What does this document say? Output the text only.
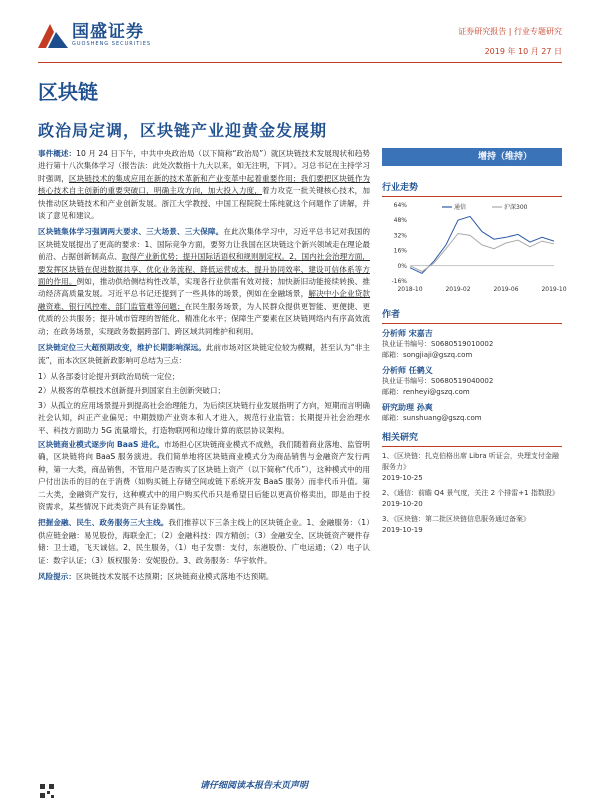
国盛证券
GUOSHENG SECURITIES
证券研究报告 | 行业专题研究
2019 年 10 月 27 日
区块链
政治局定调，区块链产业迎黄金发展期

事件概述：10 月 24 日下午，中共中央政治局（以下简称“政治局”）就区块链技术发展现状和趋势进行第十八次集体学习（报告法：此处次数指十九大以来，如无注明，下同）。习总书记在主持学习时强调，区块链技术的集成应用在新的技术革新和产业变革中起着重要作用；我们要把区块链作为核心技术自主创新的重要突破口，明确主攻方向，加大投入力度，着力攻克一批关键核心技术，加快推动区块链技术和产业创新发展。浙江大学教授、中国工程院院士陈纯就这个问题作了讲解，并谈了意见和建议。

区块链集体学习强调两大要求、三大场景、三大保障。在此次集体学习中，习近平总书记对我国的区块链发展提出了更高的要求：1、国际竞争方面，要努力让我国在区块链这个新兴领域走在理论最前沿、占据创新制高点、取得产业新优势；提升国际话语权和规则制定权。2、国内社会治理方面，要发挥区块链在促进数据共享、优化业务流程、降低运营成本、提升协同效率、建设可信体系等方面的作用。例如，推动供给侧结构性改革，实现各行业供需有效对接；加快新旧动能接续转换、推动经济高质量发展。习近平总书记还提到了一些具体的场景，例如在金融场景，解决中小企业贷款融资难、银行风控难、部门监管难等问题；在民生服务场景，为人民群众提供更智能、更便捷、更优质的公共服务；提升城市管理的智能化、精准化水平；保障生产要素在区块链网络内有序高效流动；在政务场景，实现政务数据跨部门、跨区域共同维护和利用。

区块链定位三大超预期改变，维护长期影响深远。此前市场对区块链定位较为模糊，甚至认为“非主流”，而本次区块链新政影响可总结为三点：

1）从各部委讨论提升到政治局统一定位；

2）从极客的草根技术创新提升到国家自主创新突破口；

3）从孤立的应用场景提升到提高社会治理能力，为后续区块链行业发展指明了方向，短期而言明确社会认知，纠正产业偏见；中期鼓励产业资本和人才进入，规范行业监管；长期提升社会治理水平、科技方面助力 5G 流量增长，打造物联网和边缘计算的底层协议架构。

区块链商业模式逐步向 BaaS 进化。市场担心区块链商业模式不成熟，我们随着商业落地、监管明确，区块链将向 BaaS 服务演进。我们简单地将区块链商业模式分为商品销售与金融资产发行两种，第一大类，商品销售，不管用户是否购买了区块链上资产（以下简称“代币”），这种模式中的用户付出法币的目的在于消费（如购买链上存储空间或链下系统开发 BaaS 服务）而非代币升值。第二大类，金融资产发行，这种模式中的用户购买代币只是希望日后能以更高价格卖出，即是由于投资需求，某些情况下此类资产具有证券属性。

把握金融、民生、政务服务三大主线。我们推荐以下三条主线上的区块链企业。1、金融服务：（1）供应链金融：易见股份，海联金汇；（2）金融科技：四方精创；（3）金融安全、区块链资产硬件存储：卫士通，飞天诚信。2、民生服务，（1）电子发票：支付，东港股份、广电运通；（2）电子认证：数字认证；（3）版权服务：安妮股份。3、政务服务：华宇软件。

风险提示：区块链技术发展不达预期；区块链商业模式落地不达预期。

增持（维持）
行业走势
64%
48%
32%
16%
0%
-16%
2018-10	2019-02	2019-06	2019-10
通信	沪深300
作者
分析师 宋嘉吉
执业证书编号：S0680519010002
邮箱：songjiaji@gszq.com
分析师 任鹤义
执业证书编号：S0680519040002
邮箱：renheyi@gszq.com
研究助理 孙爽
邮箱：sunshuang@gszq.com
相关研究

1、《区块链：扎克伯格出席 Libra 听证会，央理支付金融服务力》

2019-10-25

2、《通信：前瞻 Q4 景气度，关注 2 个排雷+1 指数股》

2019-10-20

3、《区块链：第二批区块链信息服务通过备案》

2019-10-19

请仔细阅读本报告末页声明
